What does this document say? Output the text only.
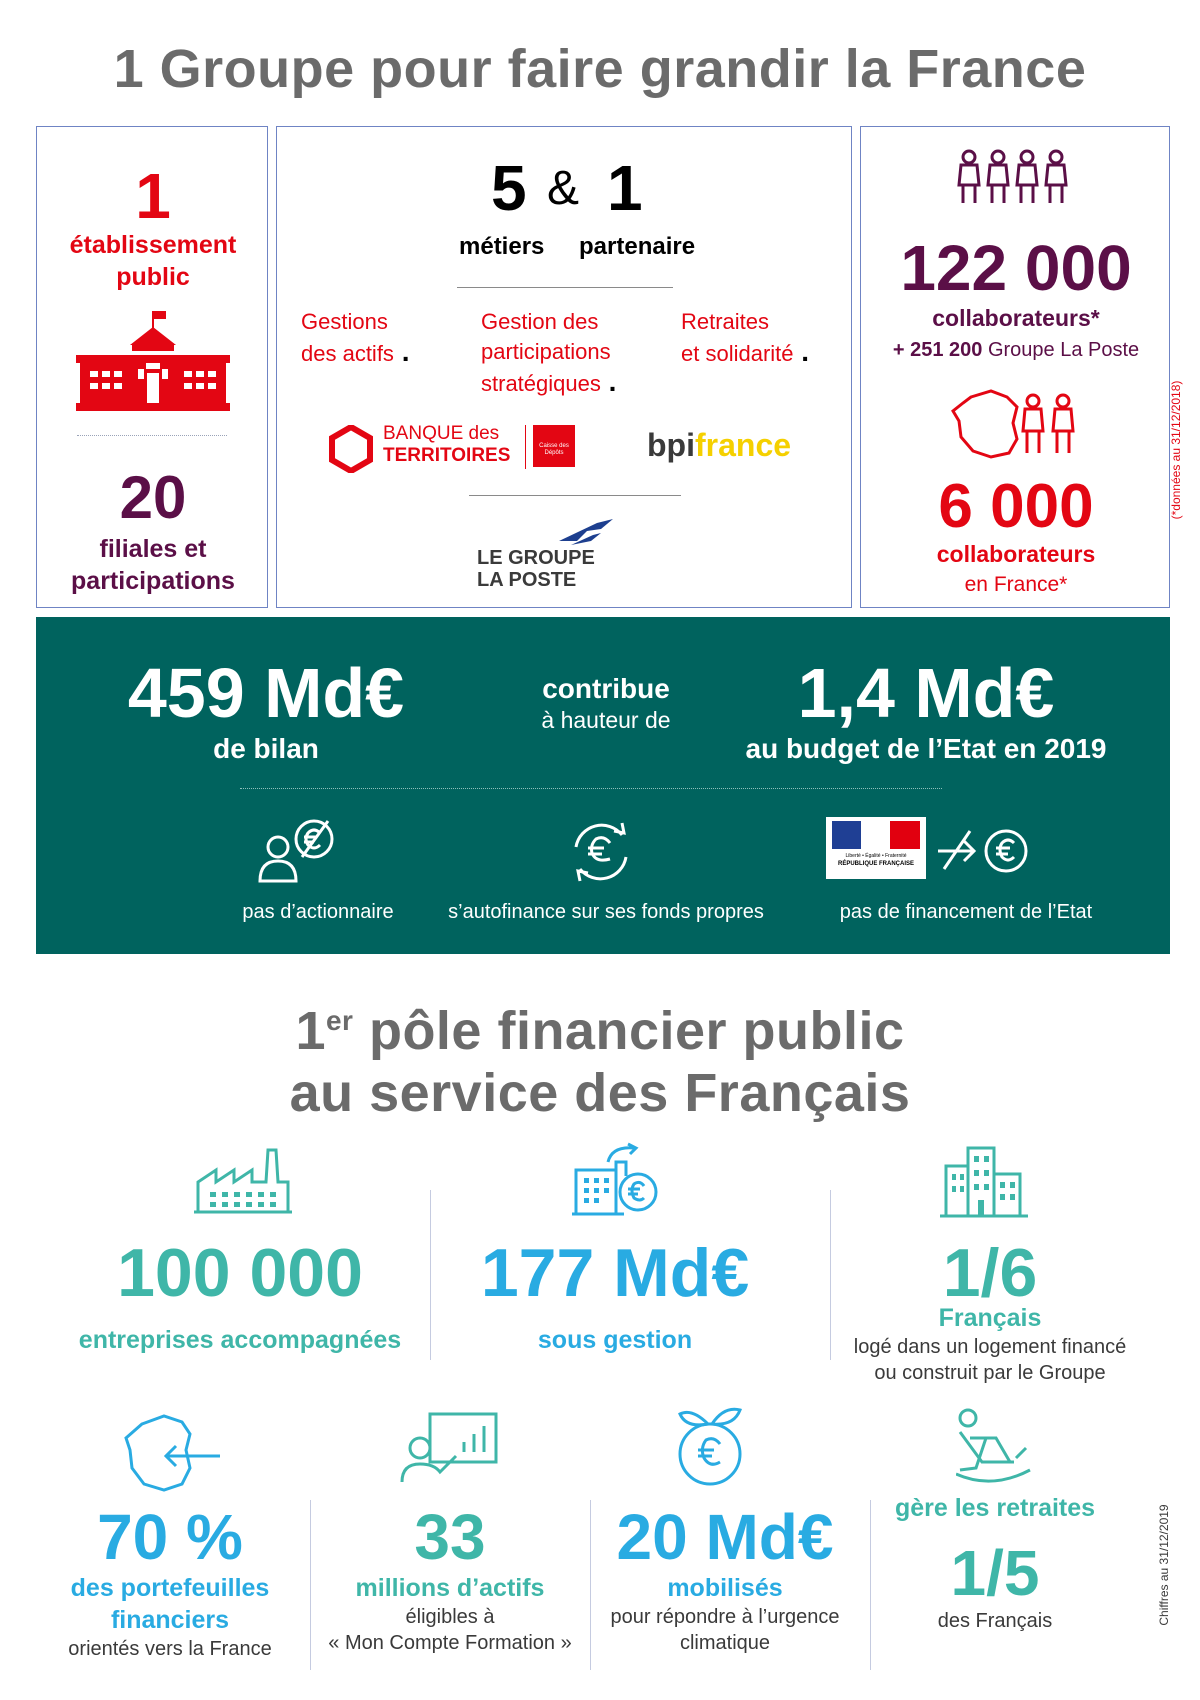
1 Groupe pour faire grandir la France
1
établissement
public
20
filiales et
participations
5 & 1
métiers partenaire
Gestions
des actifs .
Gestion des
participations
stratégiques .
Retraites
et solidarité .
BANQUE des
TERRITOIRES	Caisse des Dépôts	bpifrance
LE GROUPE
LA POSTE
122 000
collaborateurs*
+ 251 200 Groupe La Poste
6 000
collaborateurs
en France*
(*données au 31/12/2018)
459 Md€
de bilan
contribue
à hauteur de	1,4 Md€
au budget de l’Etat en 2019
Liberté • Égalité • Fraternité
RÉPUBLIQUE FRANÇAISE
pas d’actionnaire	s’autofinance sur ses fonds propres	pas de financement de l’Etat
1er pôle financier public
au service des Français
100 000
entreprises accompagnées
177 Md€
sous gestion
1/6
Français
logé dans un logement financé
ou construit par le Groupe
70 %
des portefeuilles
financiers
orientés vers la France
33
millions d’actifs
éligibles à
« Mon Compte Formation »
20 Md€
mobilisés
pour répondre à l’urgence
climatique
gère les retraites
1/5
des Français	Chiffres au 31/12/2019
